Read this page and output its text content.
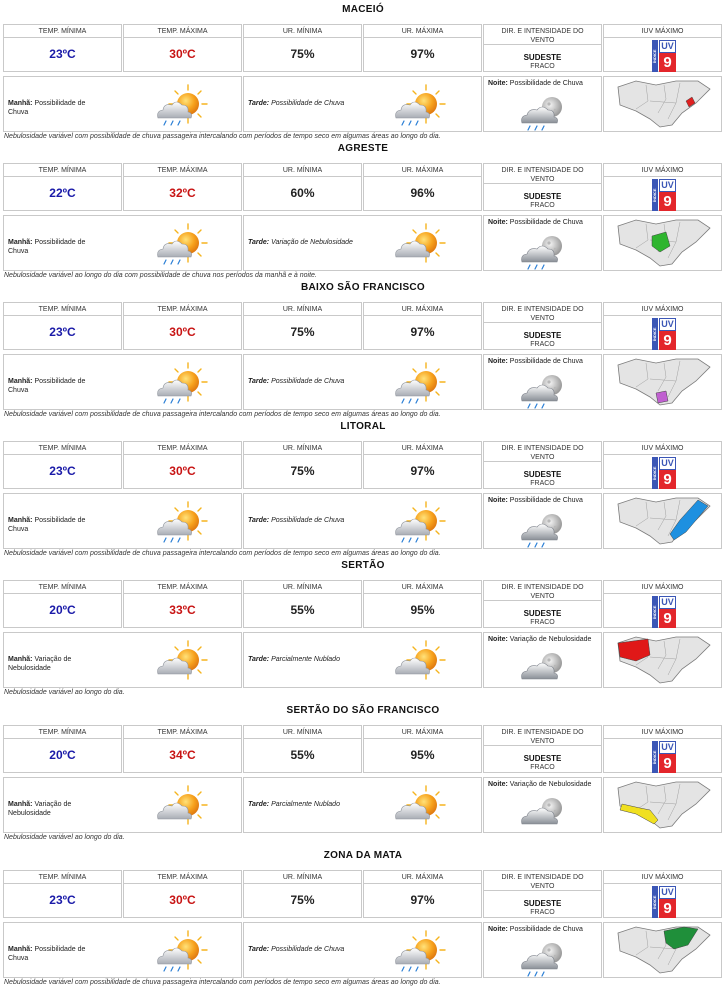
MACEIÓ
TEMP. MÍNIMA
23ºC
TEMP. MÁXIMA
30ºC
UR. MÍNIMA
75%
UR. MÁXIMA
97%
DIR. E INTENSIDADE DO VENTO
SUDESTE
FRACO
IUV MÁXIMO
ÍNDICE
UV
9
Manhã: Possibilidade de Chuva
Tarde: Possibilidade de Chuva
Noite: Possibilidade de Chuva
Nebulosidade variável com possibilidade de chuva passageira intercalando com períodos de tempo seco em algumas áreas ao longo do dia.
AGRESTE
TEMP. MÍNIMA
22ºC
TEMP. MÁXIMA
32ºC
UR. MÍNIMA
60%
UR. MÁXIMA
96%
DIR. E INTENSIDADE DO VENTO
SUDESTE
FRACO
IUV MÁXIMO
ÍNDICE
UV
9
Manhã: Possibilidade de Chuva
Tarde: Variação de Nebulosidade
Noite: Possibilidade de Chuva
Nebulosidade variável ao longo do dia com possibilidade de chuva nos períodos da manhã e à noite.
BAIXO SÃO FRANCISCO
TEMP. MÍNIMA
23ºC
TEMP. MÁXIMA
30ºC
UR. MÍNIMA
75%
UR. MÁXIMA
97%
DIR. E INTENSIDADE DO VENTO
SUDESTE
FRACO
IUV MÁXIMO
ÍNDICE
UV
9
Manhã: Possibilidade de Chuva
Tarde: Possibilidade de Chuva
Noite: Possibilidade de Chuva
Nebulosidade variável com possibilidade de chuva passageira intercalando com períodos de tempo seco em algumas áreas ao longo do dia.
LITORAL
TEMP. MÍNIMA
23ºC
TEMP. MÁXIMA
30ºC
UR. MÍNIMA
75%
UR. MÁXIMA
97%
DIR. E INTENSIDADE DO VENTO
SUDESTE
FRACO
IUV MÁXIMO
ÍNDICE
UV
9
Manhã: Possibilidade de Chuva
Tarde: Possibilidade de Chuva
Noite: Possibilidade de Chuva
Nebulosidade variável com possibilidade de chuva passageira intercalando com períodos de tempo seco em algumas áreas ao longo do dia.
SERTÃO
TEMP. MÍNIMA
20ºC
TEMP. MÁXIMA
33ºC
UR. MÍNIMA
55%
UR. MÁXIMA
95%
DIR. E INTENSIDADE DO VENTO
SUDESTE
FRACO
IUV MÁXIMO
ÍNDICE
UV
9
Manhã: Variação de Nebulosidade
Tarde: Parcialmente Nublado
Noite: Variação de Nebulosidade
Nebulosidade variável ao longo do dia.
SERTÃO DO SÃO FRANCISCO
TEMP. MÍNIMA
20ºC
TEMP. MÁXIMA
34ºC
UR. MÍNIMA
55%
UR. MÁXIMA
95%
DIR. E INTENSIDADE DO VENTO
SUDESTE
FRACO
IUV MÁXIMO
ÍNDICE
UV
9
Manhã: Variação de Nebulosidade
Tarde: Parcialmente Nublado
Noite: Variação de Nebulosidade
Nebulosidade variável ao longo do dia.
ZONA DA MATA
TEMP. MÍNIMA
23ºC
TEMP. MÁXIMA
30ºC
UR. MÍNIMA
75%
UR. MÁXIMA
97%
DIR. E INTENSIDADE DO VENTO
SUDESTE
FRACO
IUV MÁXIMO
ÍNDICE
UV
9
Manhã: Possibilidade de Chuva
Tarde: Possibilidade de Chuva
Noite: Possibilidade de Chuva
Nebulosidade variável com possibilidade de chuva passageira intercalando com períodos de tempo seco em algumas áreas ao longo do dia.
